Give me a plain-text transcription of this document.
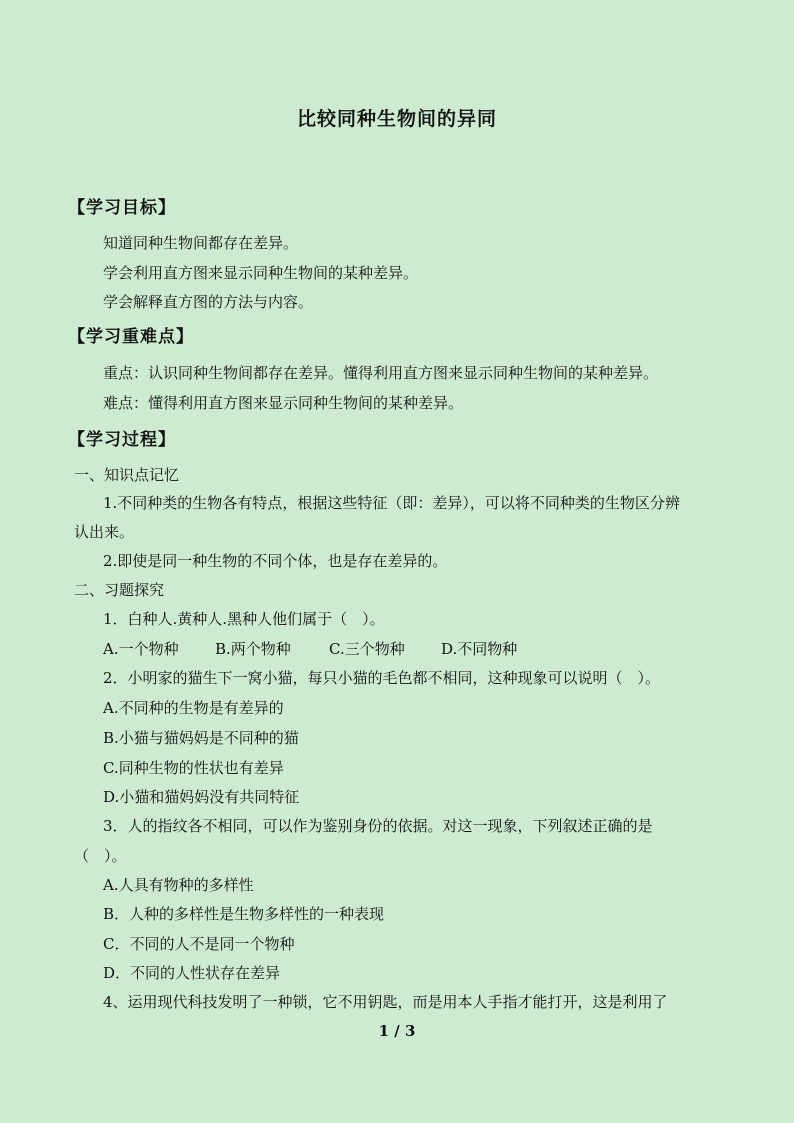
比较同种生物间的异同
【学习目标】
知道同种生物间都存在差异。
学会利用直方图来显示同种生物间的某种差异。
学会解释直方图的方法与内容。
【学习重难点】
重点：认识同种生物间都存在差异。懂得利用直方图来显示同种生物间的某种差异。
难点：懂得利用直方图来显示同种生物间的某种差异。
【学习过程】
一、知识点记忆
1.不同种类的生物各有特点，根据这些特征（即：差异），可以将不同种类的生物区分辨
认出来。
2.即使是同一种生物的不同个体，也是存在差异的。
二、习题探究
1．白种人.黄种人.黑种人他们属于（　）。
A.一个物种 B.两个物种	C.三个物种 D.不同物种
2．小明家的猫生下一窝小猫，每只小猫的毛色都不相同，这种现象可以说明（　）。
A.不同种的生物是有差异的
B.小猫与猫妈妈是不同种的猫
C.同种生物的性状也有差异
D.小猫和猫妈妈没有共同特征
3．人的指纹各不相同，可以作为鉴别身份的依据。对这一现象，下列叙述正确的是
（　）。
A.人具有物种的多样性
B．人种的多样性是生物多样性的一种表现
C．不同的人不是同一个物种
D．不同的人性状存在差异
4、运用现代科技发明了一种锁，它不用钥匙，而是用本人手指才能打开，这是利用了
1 / 3
